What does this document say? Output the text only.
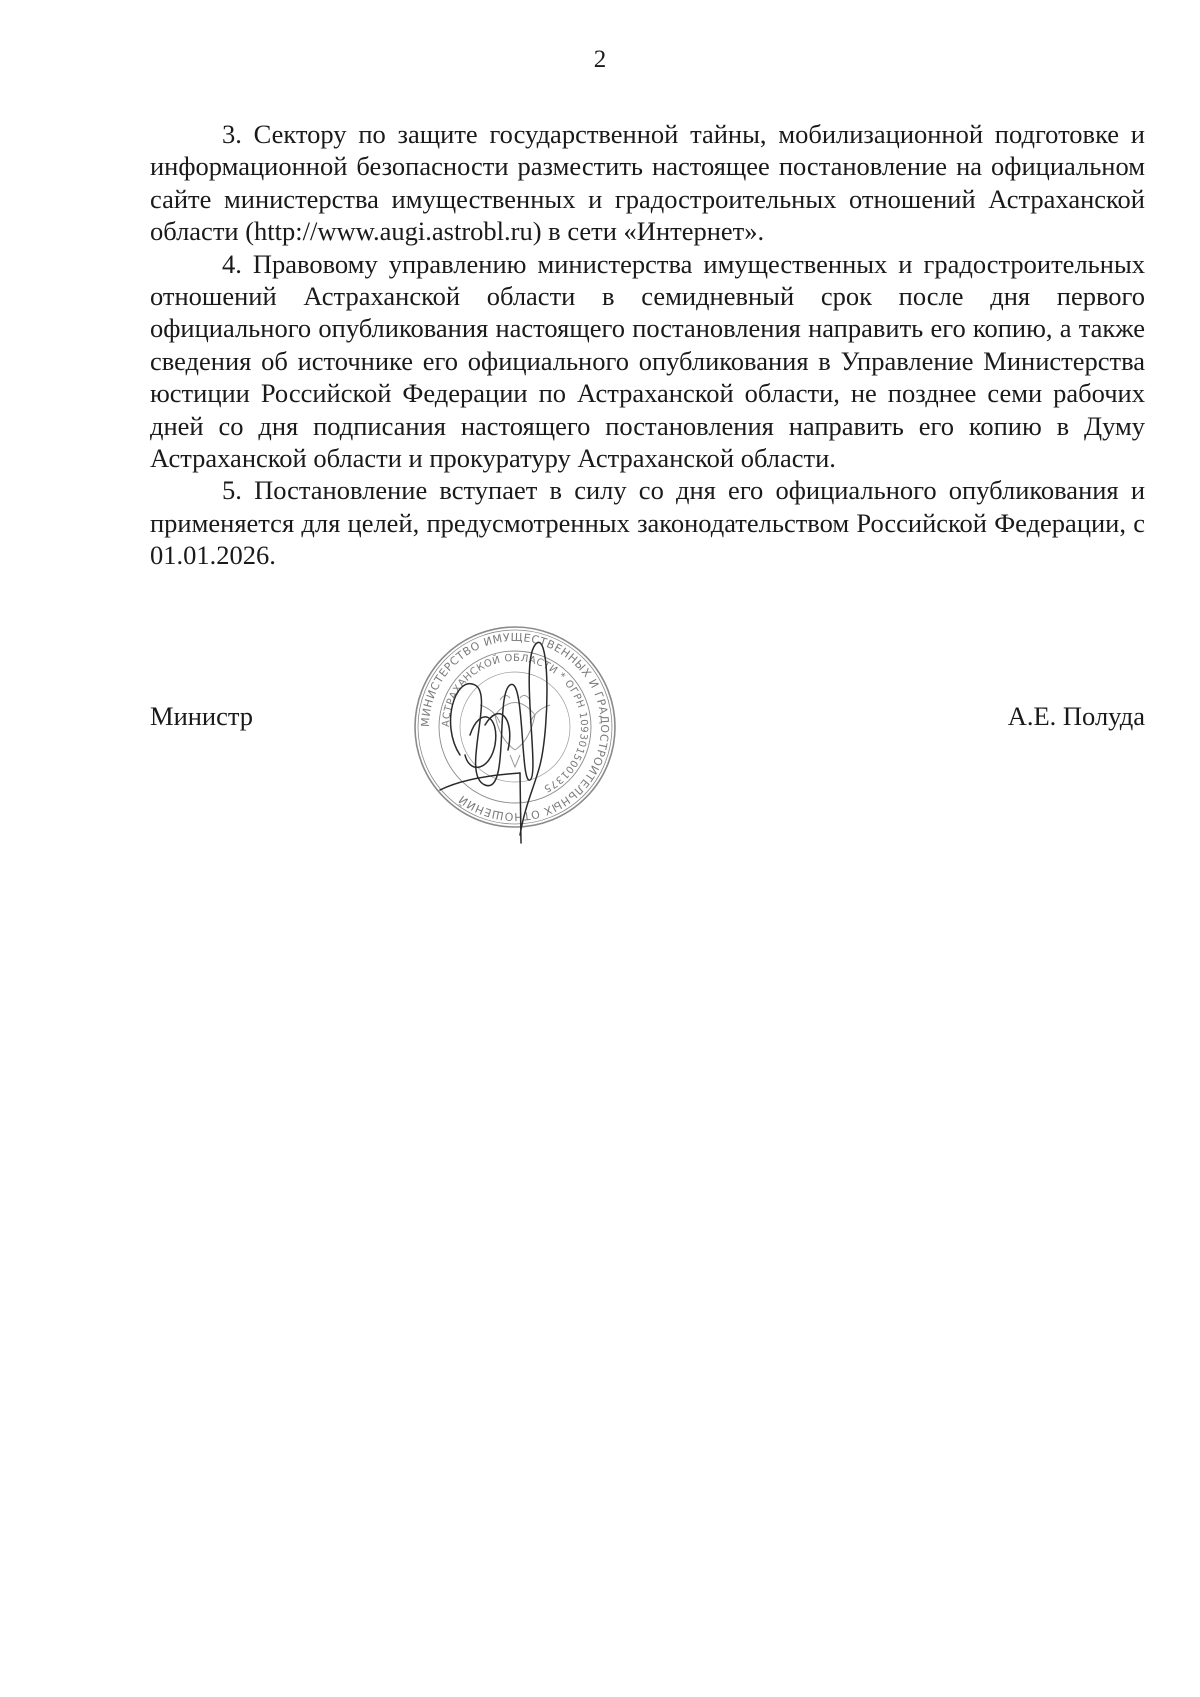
2

3. Сектору по защите государственной тайны, мобилизационной подготовке и информационной безопасности разместить настоящее постановление на официальном сайте министерства имущественных и градостроительных отношений Астраханской области (http://www.augi.astrobl.ru) в сети «Интернет».

4. Правовому управлению министерства имущественных и градостроительных отношений Астраханской области в семидневный срок после дня первого официального опубликования настоящего постановления направить его копию, а также сведения об источнике его официального опубликования в Управление Министерства юстиции Российской Федерации по Астраханской области, не позднее семи рабочих дней со дня подписания настоящего постановления направить его копию в Думу Астраханской области и прокуратуру Астраханской области.

5. Постановление вступает в силу со дня его официального опубликования и применяется для целей, предусмотренных законодательством Российской Федерации, с 01.01.2026.

Министр	МИНИСТЕРСТВО ИМУЩЕСТВЕННЫХ И ГРАДОСТРОИТЕЛЬНЫХ ОТНОШЕНИЙ
АСТРАХАНСКОЙ ОБЛАСТИ * ОГРН 1093015001375
А.Е. Полуда
